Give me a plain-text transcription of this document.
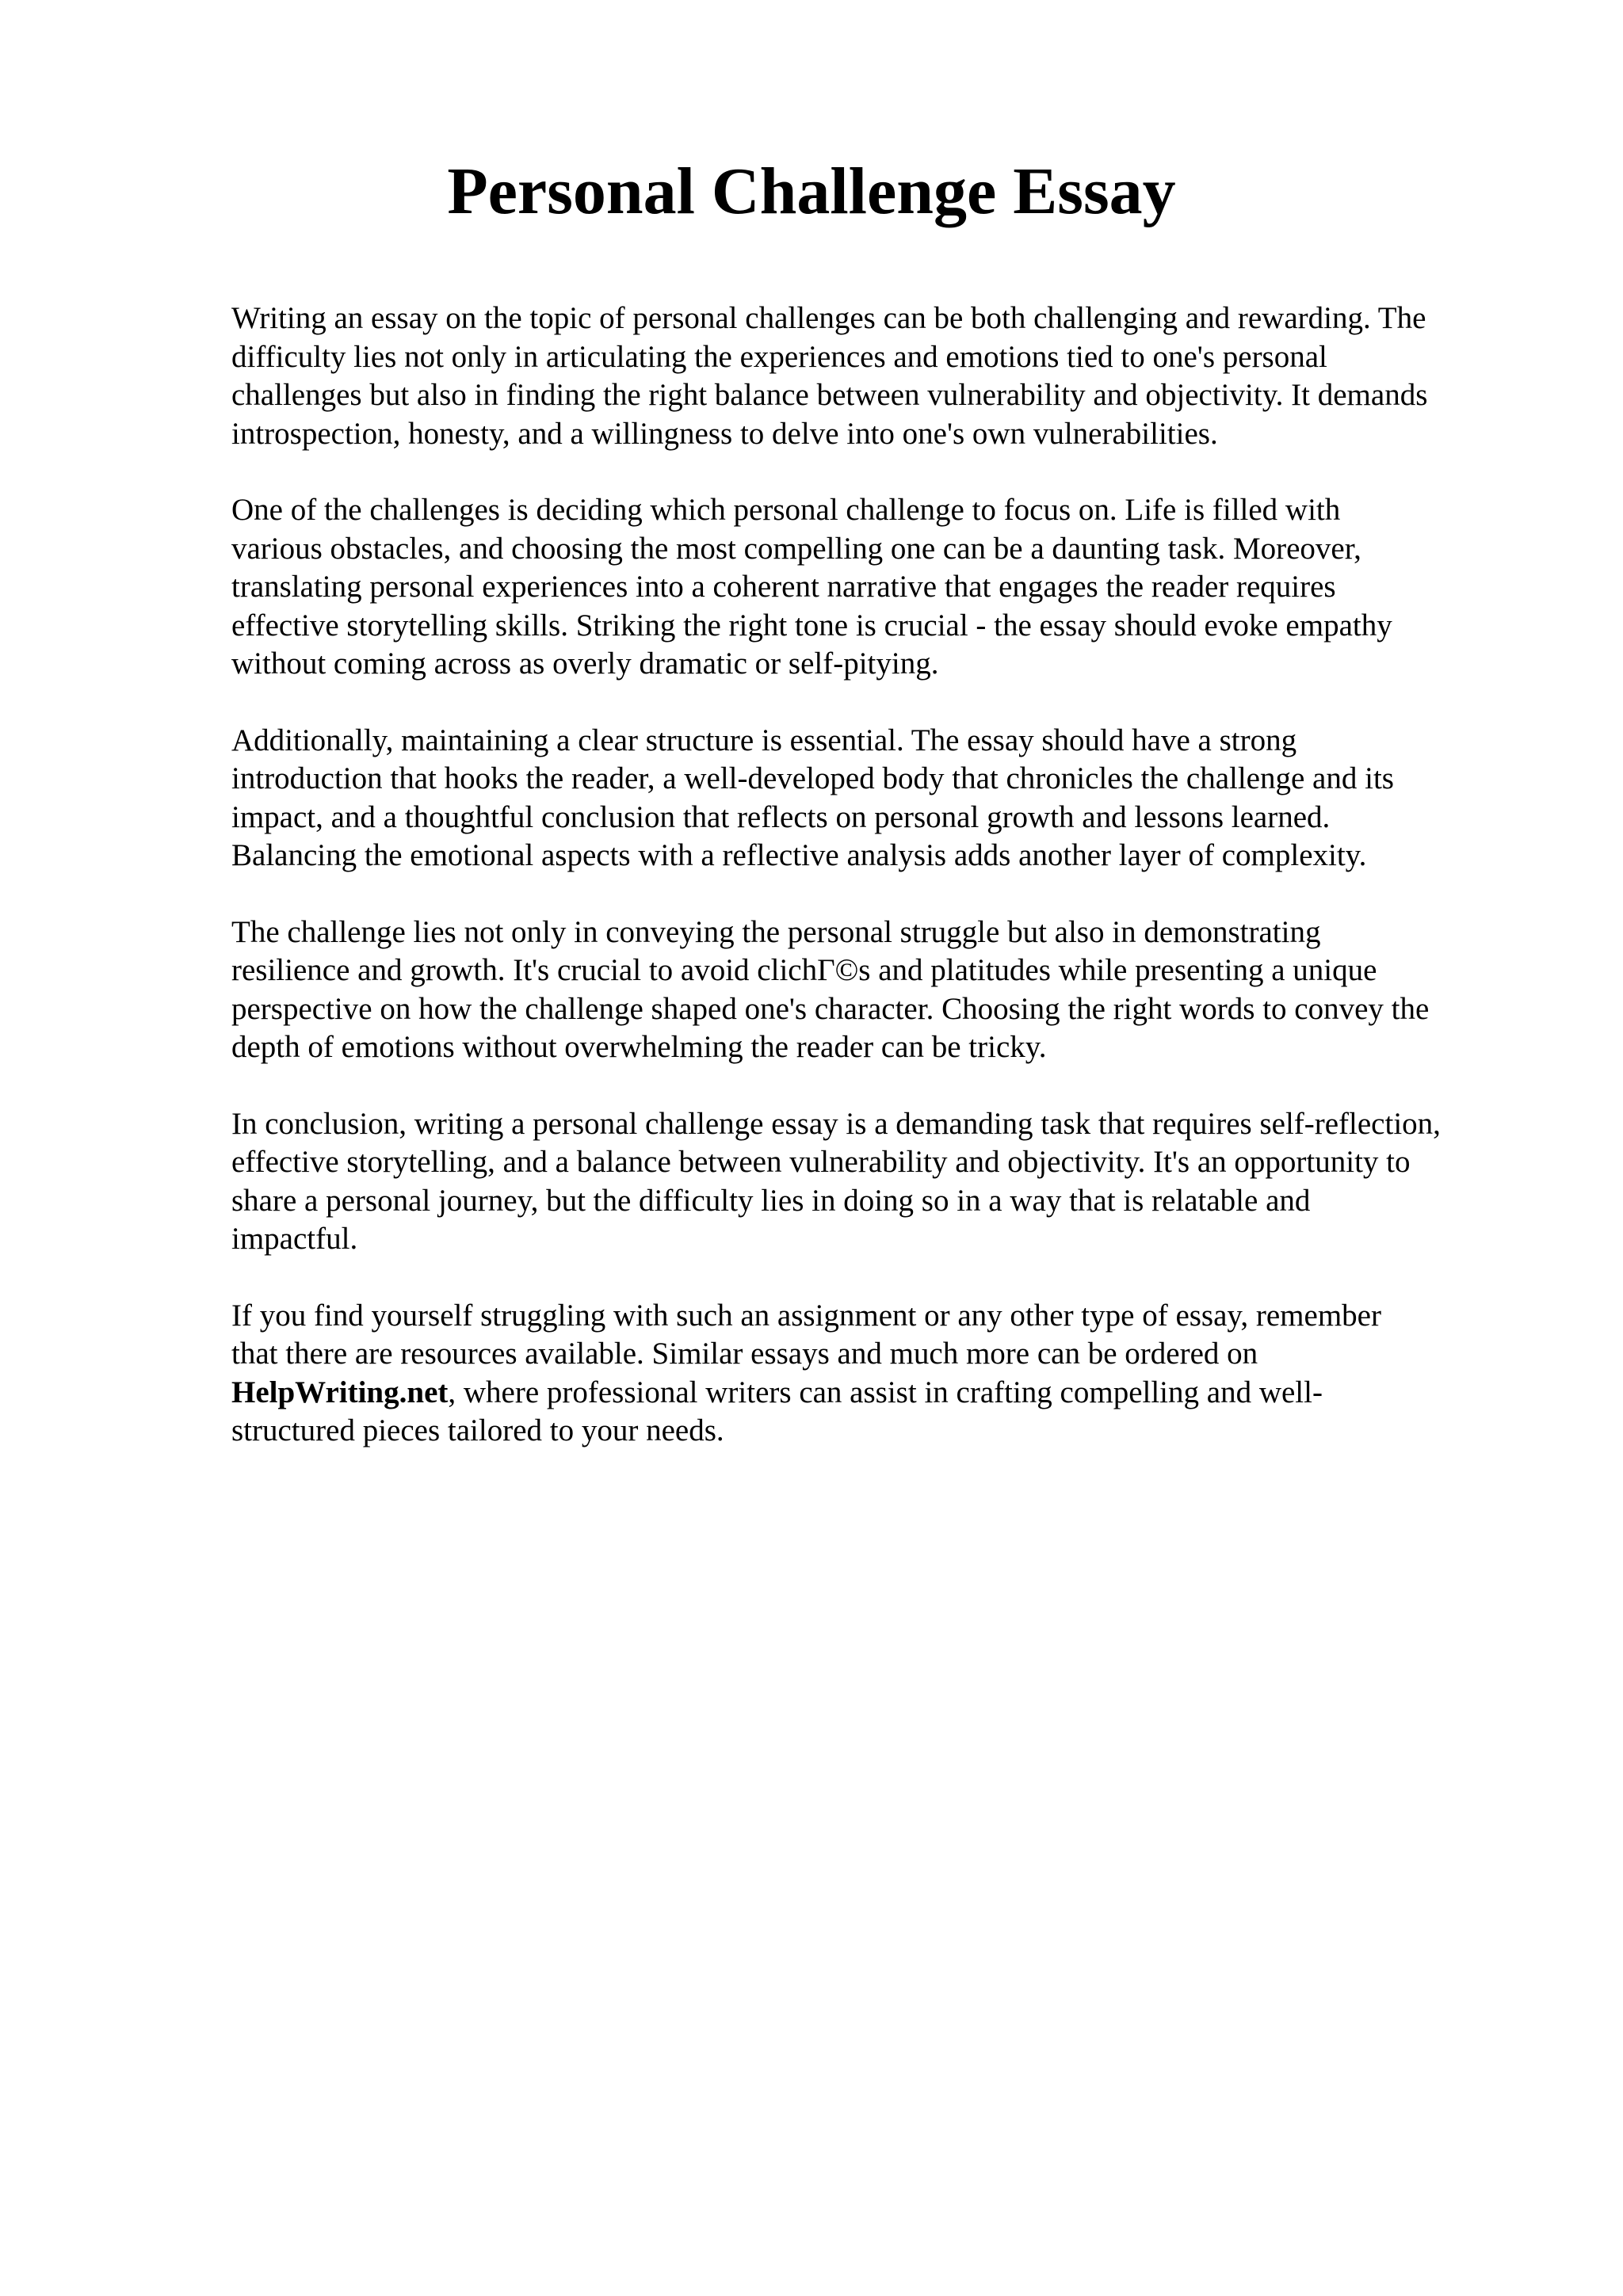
Personal Challenge Essay

Writing an essay on the topic of personal challenges can be both challenging and rewarding. The
difficulty lies not only in articulating the experiences and emotions tied to one's personal
challenges but also in finding the right balance between vulnerability and objectivity. It demands
introspection, honesty, and a willingness to delve into one's own vulnerabilities.

One of the challenges is deciding which personal challenge to focus on. Life is filled with
various obstacles, and choosing the most compelling one can be a daunting task. Moreover,
translating personal experiences into a coherent narrative that engages the reader requires
effective storytelling skills. Striking the right tone is crucial - the essay should evoke empathy
without coming across as overly dramatic or self-pitying.

Additionally, maintaining a clear structure is essential. The essay should have a strong
introduction that hooks the reader, a well-developed body that chronicles the challenge and its
impact, and a thoughtful conclusion that reflects on personal growth and lessons learned.
Balancing the emotional aspects with a reflective analysis adds another layer of complexity.

The challenge lies not only in conveying the personal struggle but also in demonstrating
resilience and growth. It's crucial to avoid clichΓ©s and platitudes while presenting a unique
perspective on how the challenge shaped one's character. Choosing the right words to convey the
depth of emotions without overwhelming the reader can be tricky.

In conclusion, writing a personal challenge essay is a demanding task that requires self-reflection,
effective storytelling, and a balance between vulnerability and objectivity. It's an opportunity to
share a personal journey, but the difficulty lies in doing so in a way that is relatable and
impactful.

If you find yourself struggling with such an assignment or any other type of essay, remember
that there are resources available. Similar essays and much more can be ordered on
HelpWriting.net, where professional writers can assist in crafting compelling and well-
structured pieces tailored to your needs.
